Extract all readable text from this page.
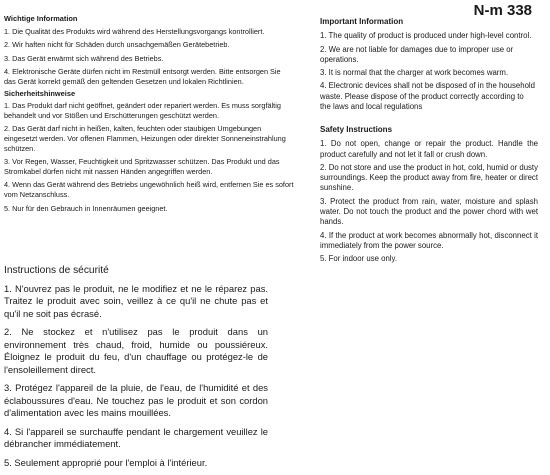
Wichtige Information

1. Die Qualität des Produkts wird während des Herstellungsvorgangs kontrolliert.

2. Wir haften nicht für Schäden durch unsachgemäßen Gerätebetrieb.

3. Das Gerät erwärmt sich während des Betriebs.

4. Elektronische Geräte dürfen nicht im Restmüll entsorgt werden. Bitte entsorgen Sie das Gerät korrekt gemäß den geltenden Gesetzen und lokalen Richtlinien.

Sicherheitshinweise

1. Das Produkt darf nicht geöffnet, geändert oder repariert werden. Es muss sorgfältig behandelt und vor Stößen und Erschütterungen geschützt werden.

2. Das Gerät darf nicht in heißen, kalten, feuchten oder staubigen Umgebungen eingesetzt werden. Vor offenen Flammen, Heizungen oder direkter Sonneneinstrahlung schützen.

3. Vor Regen, Wasser, Feuchtigkeit und Spritzwasser schützen. Das Produkt und das Stromkabel dürfen nicht mit nassen Händen angegriffen werden.

4. Wenn das Gerät während des Betriebs ungewöhnlich heiß wird, entfernen Sie es sofort vom Netzanschluss.

5. Nur für den Gebrauch in Innenräumen geeignet.

Instructions de sécurité

1. N'ouvrez pas le produit, ne le modifiez et ne le réparez pas. Traitez le produit avec soin, veillez à ce qu'il ne chute pas et qu'il ne soit pas écrasé.

2. Ne stockez et n'utilisez pas le produit dans un environnement très chaud, froid, humide ou poussiéreux. Éloignez le produit du feu, d'un chauffage ou protégez-le de l'ensoleillement direct.

3. Protégez l'appareil de la pluie, de l'eau, de l'humidité et des éclaboussures d'eau. Ne touchez pas le produit et son cordon d'alimentation avec les mains mouillées.

4. Si l'appareil se surchauffe pendant le chargement veuillez le débrancher immédiatement.

5. Seulement approprié pour l'emploi à l'intérieur.

N-m 338

Important Information

1. The quality of product is produced under high-level control.

2. We are not liable for damages due to improper use or operations.

3. It is normal that the charger at work becomes warm.

4. Electronic devices shall not be disposed of in the household waste. Please dispose of the product correctly according to the laws and local regulations

Safety Instructions

1. Do not open, change or repair the product. Handle the product carefully and not let it fall or crush down.

2. Do not store and use the product in hot, cold, humid or dusty surroundings. Keep the product away from fire, heater or direct sunshine.

3. Protect the product from rain, water, moisture and splash water. Do not touch the product and the power chord with wet hands.

4. If the product at work becomes abnormally hot, disconnect it immediately from the power source.

5. For indoor use only.
